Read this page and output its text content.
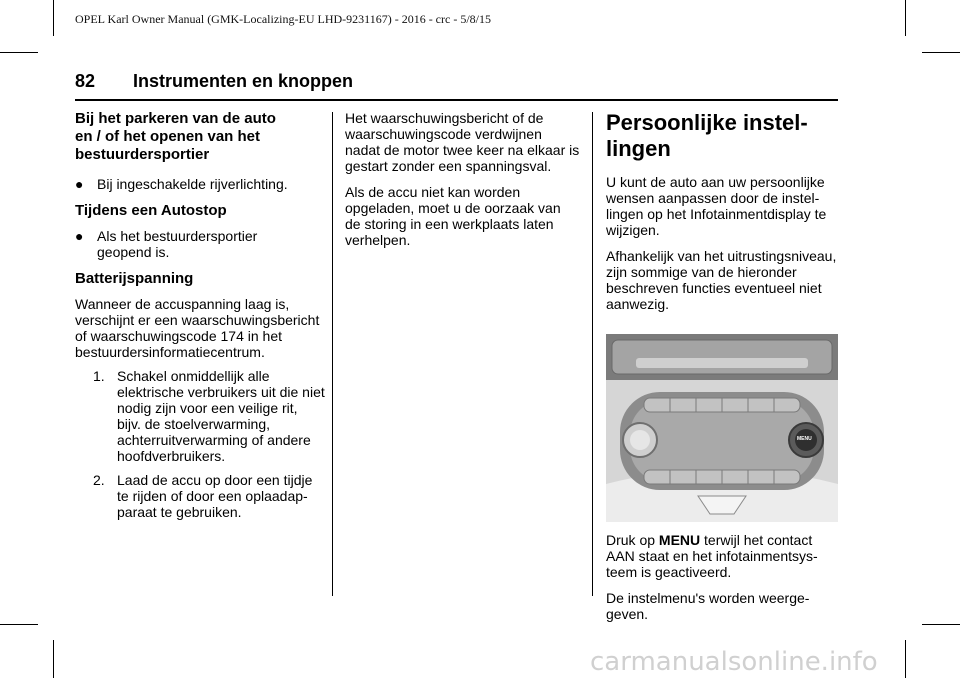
OPEL Karl Owner Manual (GMK-Localizing-EU LHD-9231167) - 2016 - crc - 5/8/15
82 Instrumenten en knoppen
Bij het parkeren van de auto en / of het openen van het bestuurdersportier
● Bij ingeschakelde rijverlichting.
Tijdens een Autostop
● Als het bestuurdersportier geopend is.
Batterijspanning

Wanneer de accuspanning laag is, verschijnt er een waarschuwingsbericht of waarschuwingscode 174 in het bestuurdersinformatiecentrum.

1. Schakel onmiddellijk alle elektrische verbruikers uit die niet nodig zijn voor een veilige rit, bijv. de stoelverwarming, achterruitverwarming of andere hoofdverbruikers.
2. Laad de accu op door een tijdje te rijden of door een oplaadapparaat te gebruiken.

Het waarschuwingsbericht of de waarschuwingscode verdwijnen nadat de motor twee keer na elkaar is gestart zonder een spanningsval.

Als de accu niet kan worden opgeladen, moet u de oorzaak van de storing in een werkplaats laten verhelpen.

Persoonlijke instellingen

U kunt de auto aan uw persoonlijke wensen aanpassen door de instellingen op het Infotainmentdisplay te wijzigen.

Afhankelijk van het uitrustingsniveau, zijn sommige van de hieronder beschreven functies eventueel niet aanwezig.

MENU

Druk op MENU terwijl het contact AAN staat en het infotainmentsysteem is geactiveerd.

De instelmenu's worden weergegeven.

carmanualsonline.info
